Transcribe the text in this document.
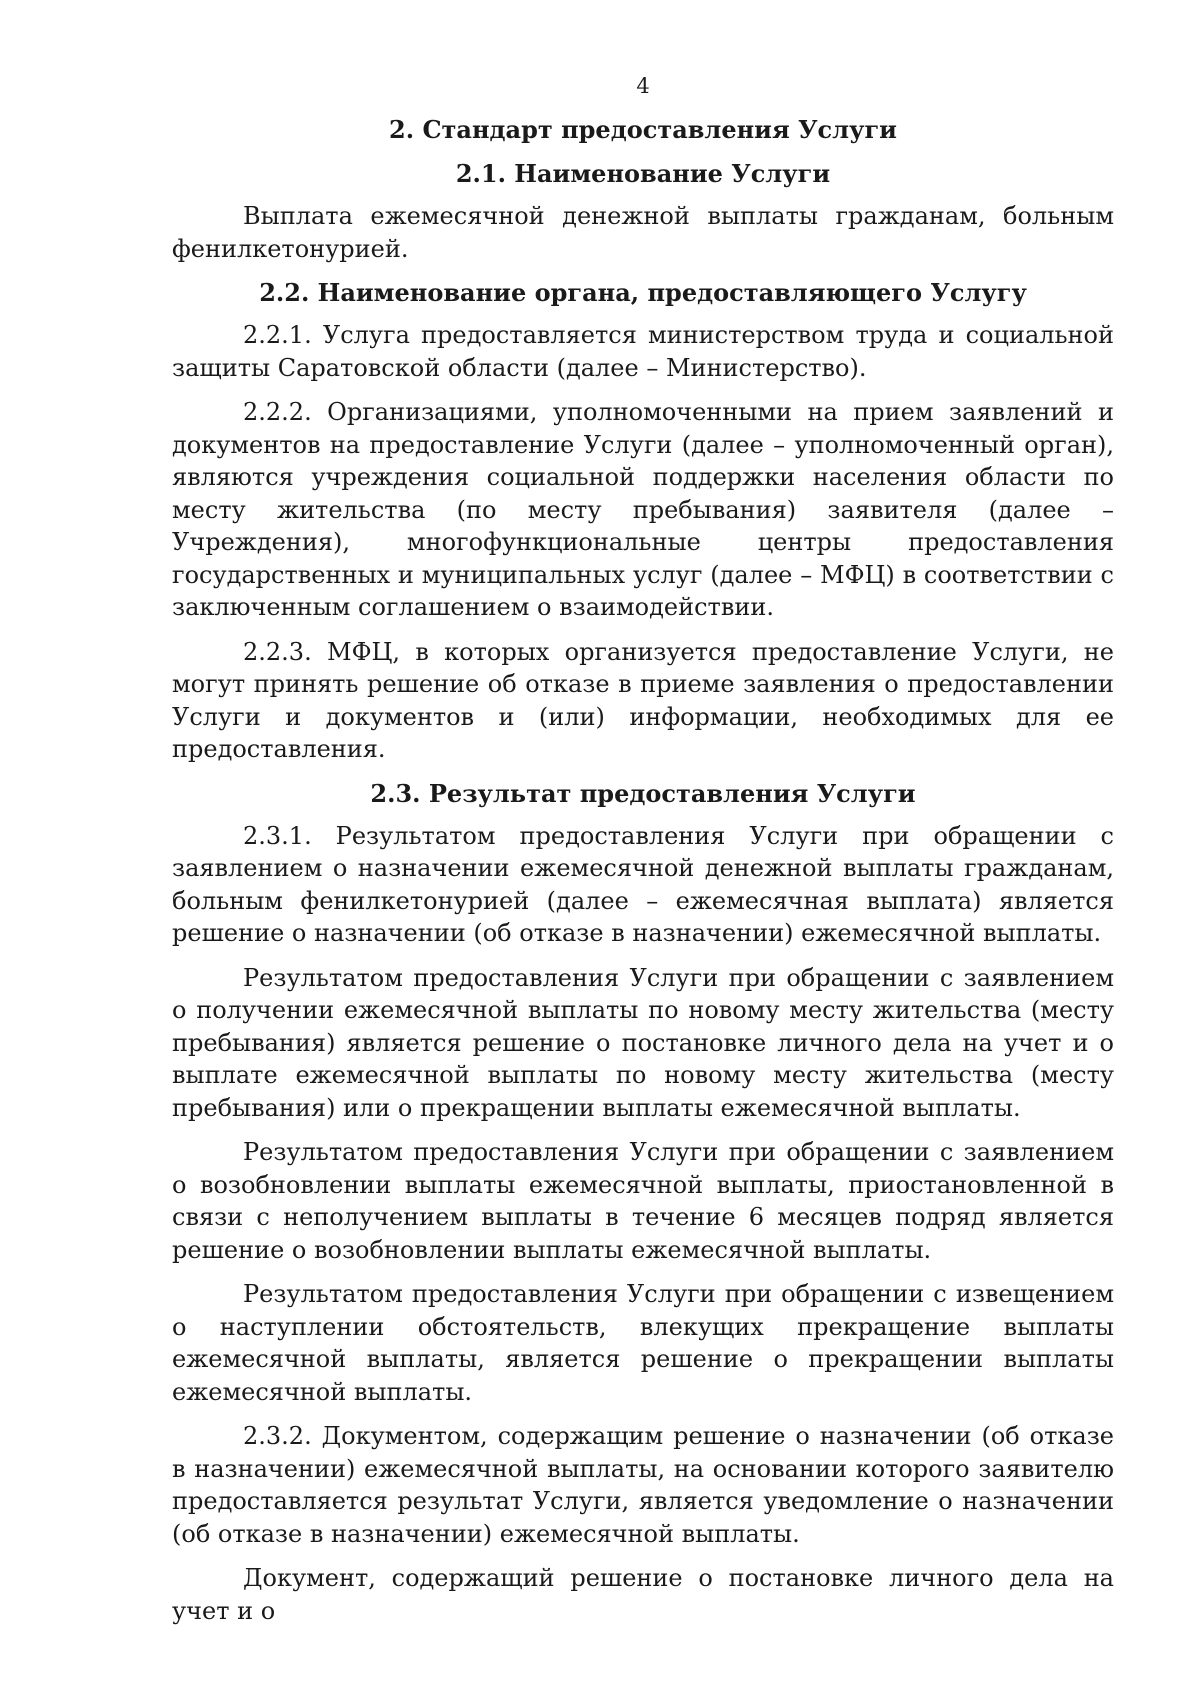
4
2. Стандарт предоставления Услуги
2.1. Наименование Услуги
Выплата ежемесячной денежной выплаты гражданам, больным фенилкетонурией.
2.2. Наименование органа, предоставляющего Услугу
2.2.1. Услуга предоставляется министерством труда и социальной защиты Саратовской области (далее – Министерство).
2.2.2. Организациями, уполномоченными на прием заявлений и документов на предоставление Услуги (далее – уполномоченный орган), являются учреждения социальной поддержки населения области по месту жительства (по месту пребывания) заявителя (далее – Учреждения), многофункциональные центры предоставления государственных и муниципальных услуг (далее – МФЦ) в соответствии с заключенным соглашением о взаимодействии.
2.2.3. МФЦ, в которых организуется предоставление Услуги, не могут принять решение об отказе в приеме заявления о предоставлении Услуги и документов и (или) информации, необходимых для ее предоставления.
2.3. Результат предоставления Услуги
2.3.1. Результатом предоставления Услуги при обращении с заявлением о назначении ежемесячной денежной выплаты гражданам, больным фенилкетонурией (далее – ежемесячная выплата) является решение о назначении (об отказе в назначении) ежемесячной выплаты.
Результатом предоставления Услуги при обращении с заявлением о получении ежемесячной выплаты по новому месту жительства (месту пребывания) является решение о постановке личного дела на учет и о выплате ежемесячной выплаты по новому месту жительства (месту пребывания) или о прекращении выплаты ежемесячной выплаты.
Результатом предоставления Услуги при обращении с заявлением о возобновлении выплаты ежемесячной выплаты, приостановленной в связи с неполучением выплаты в течение 6 месяцев подряд является решение о возобновлении выплаты ежемесячной выплаты.
Результатом предоставления Услуги при обращении с извещением о наступлении обстоятельств, влекущих прекращение выплаты ежемесячной выплаты, является решение о прекращении выплаты ежемесячной выплаты.
2.3.2. Документом, содержащим решение о назначении (об отказе в назначении) ежемесячной выплаты, на основании которого заявителю предоставляется результат Услуги, является уведомление о назначении (об отказе в назначении) ежемесячной выплаты.
Документ, содержащий решение о постановке личного дела на учет и о
